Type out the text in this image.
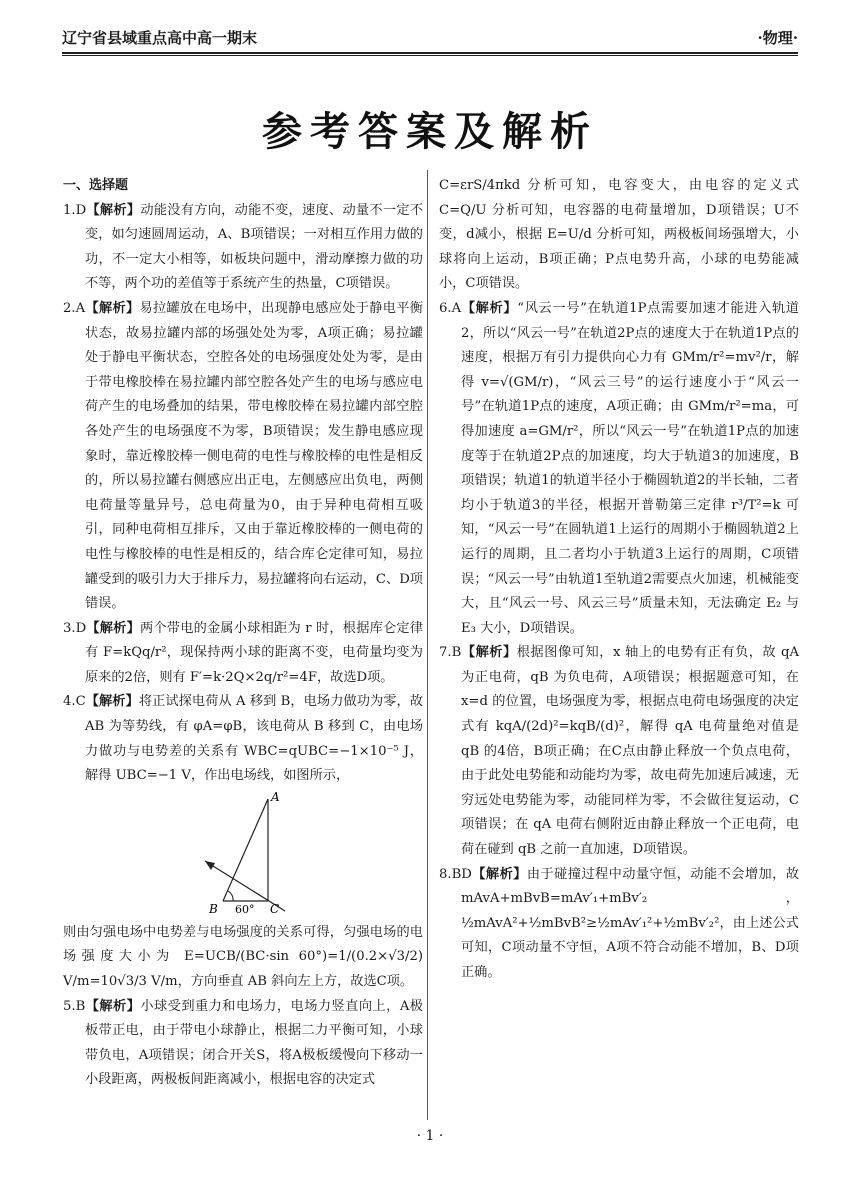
辽宁省县域重点高中高一期末	·物理·
参考答案及解析
一、选择题

1.D【解析】动能没有方向，动能不变，速度、动量不一定不变，如匀速圆周运动，A、B项错误；一对相互作用力做的功，不一定大小相等，如板块问题中，滑动摩擦力做的功不等，两个功的差值等于系统产生的热量，C项错误。

2.A【解析】易拉罐放在电场中，出现静电感应处于静电平衡状态，故易拉罐内部的场强处处为零，A项正确；易拉罐处于静电平衡状态，空腔各处的电场强度处处为零，是由于带电橡胶棒在易拉罐内部空腔各处产生的电场与感应电荷产生的电场叠加的结果，带电橡胶棒在易拉罐内部空腔各处产生的电场强度不为零，B项错误；发生静电感应现象时，靠近橡胶棒一侧电荷的电性与橡胶棒的电性是相反的，所以易拉罐右侧感应出正电，左侧感应出负电，两侧电荷量等量异号，总电荷量为0，由于异种电荷相互吸引，同种电荷相互排斥，又由于靠近橡胶棒的一侧电荷的电性与橡胶棒的电性是相反的，结合库仑定律可知，易拉罐受到的吸引力大于排斥力，易拉罐将向右运动，C、D项错误。

3.D【解析】两个带电的金属小球相距为 r 时，根据库仑定律有 F=kQq/r²，现保持两小球的距离不变，电荷量均变为原来的2倍，则有 F′=k·2Q×2q/r²=4F，故选D项。

4.C【解析】将正试探电荷从 A 移到 B，电场力做功为零，故 AB 为等势线，有 φA=φB，该电荷从 B 移到 C，由电场力做功与电势差的关系有 WBC=qUBC=−1×10⁻⁵ J，解得 UBC=−1 V，作出电场线，如图所示，

A
B	C
60°

则由匀强电场中电势差与电场强度的关系可得，匀强电场的电场强度大小为 E=UCB/(BC·sin 60°)=1/(0.2×√3/2) V/m=10√3/3 V/m，方向垂直 AB 斜向左上方，故选C项。

5.B【解析】小球受到重力和电场力，电场力竖直向上，A极板带正电，由于带电小球静止，根据二力平衡可知，小球带负电，A项错误；闭合开关S，将A极板缓慢向下移动一小段距离，两极板间距离减小，根据电容的决定式

C=εrS/4πkd 分析可知，电容变大，由电容的定义式 C=Q/U 分析可知，电容器的电荷量增加，D项错误；U不变，d减小，根据 E=U/d 分析可知，两极板间场强增大，小球将向上运动，B项正确；P点电势升高，小球的电势能减小，C项错误。

6.A【解析】“风云一号”在轨道1P点需要加速才能进入轨道2，所以“风云一号”在轨道2P点的速度大于在轨道1P点的速度，根据万有引力提供向心力有 GMm/r²=mv²/r，解得 v=√(GM/r)，“风云三号”的运行速度小于“风云一号”在轨道1P点的速度，A项正确；由 GMm/r²=ma，可得加速度 a=GM/r²，所以“风云一号”在轨道1P点的加速度等于在轨道2P点的加速度，均大于轨道3的加速度，B项错误；轨道1的轨道半径小于椭圆轨道2的半长轴，二者均小于轨道3的半径，根据开普勒第三定律 r³/T²=k 可知，“风云一号”在圆轨道1上运行的周期小于椭圆轨道2上运行的周期，且二者均小于轨道3上运行的周期，C项错误；“风云一号”由轨道1至轨道2需要点火加速，机械能变大，且“风云一号、风云三号”质量未知，无法确定 E₂ 与 E₃ 大小，D项错误。

7.B【解析】根据图像可知，x 轴上的电势有正有负，故 qA 为正电荷，qB 为负电荷，A项错误；根据题意可知，在 x=d 的位置，电场强度为零，根据点电荷电场强度的决定式有 kqA/(2d)²=kqB/(d)²，解得 qA 电荷量绝对值是 qB 的4倍，B项正确；在C点由静止释放一个负点电荷，由于此处电势能和动能均为零，故电荷先加速后减速，无穷远处电势能为零，动能同样为零，不会做往复运动，C项错误；在 qA 电荷右侧附近由静止释放一个正电荷，电荷在碰到 qB 之前一直加速，D项错误。

8.BD【解析】由于碰撞过程中动量守恒，动能不会增加，故 mAvA+mBvB=mAv′₁+mBv′₂，½mAvA²+½mBvB²≥½mAv′₁²+½mBv′₂²，由上述公式可知，C项动量不守恒，A项不符合动能不增加，B、D项正确。

· 1 ·
